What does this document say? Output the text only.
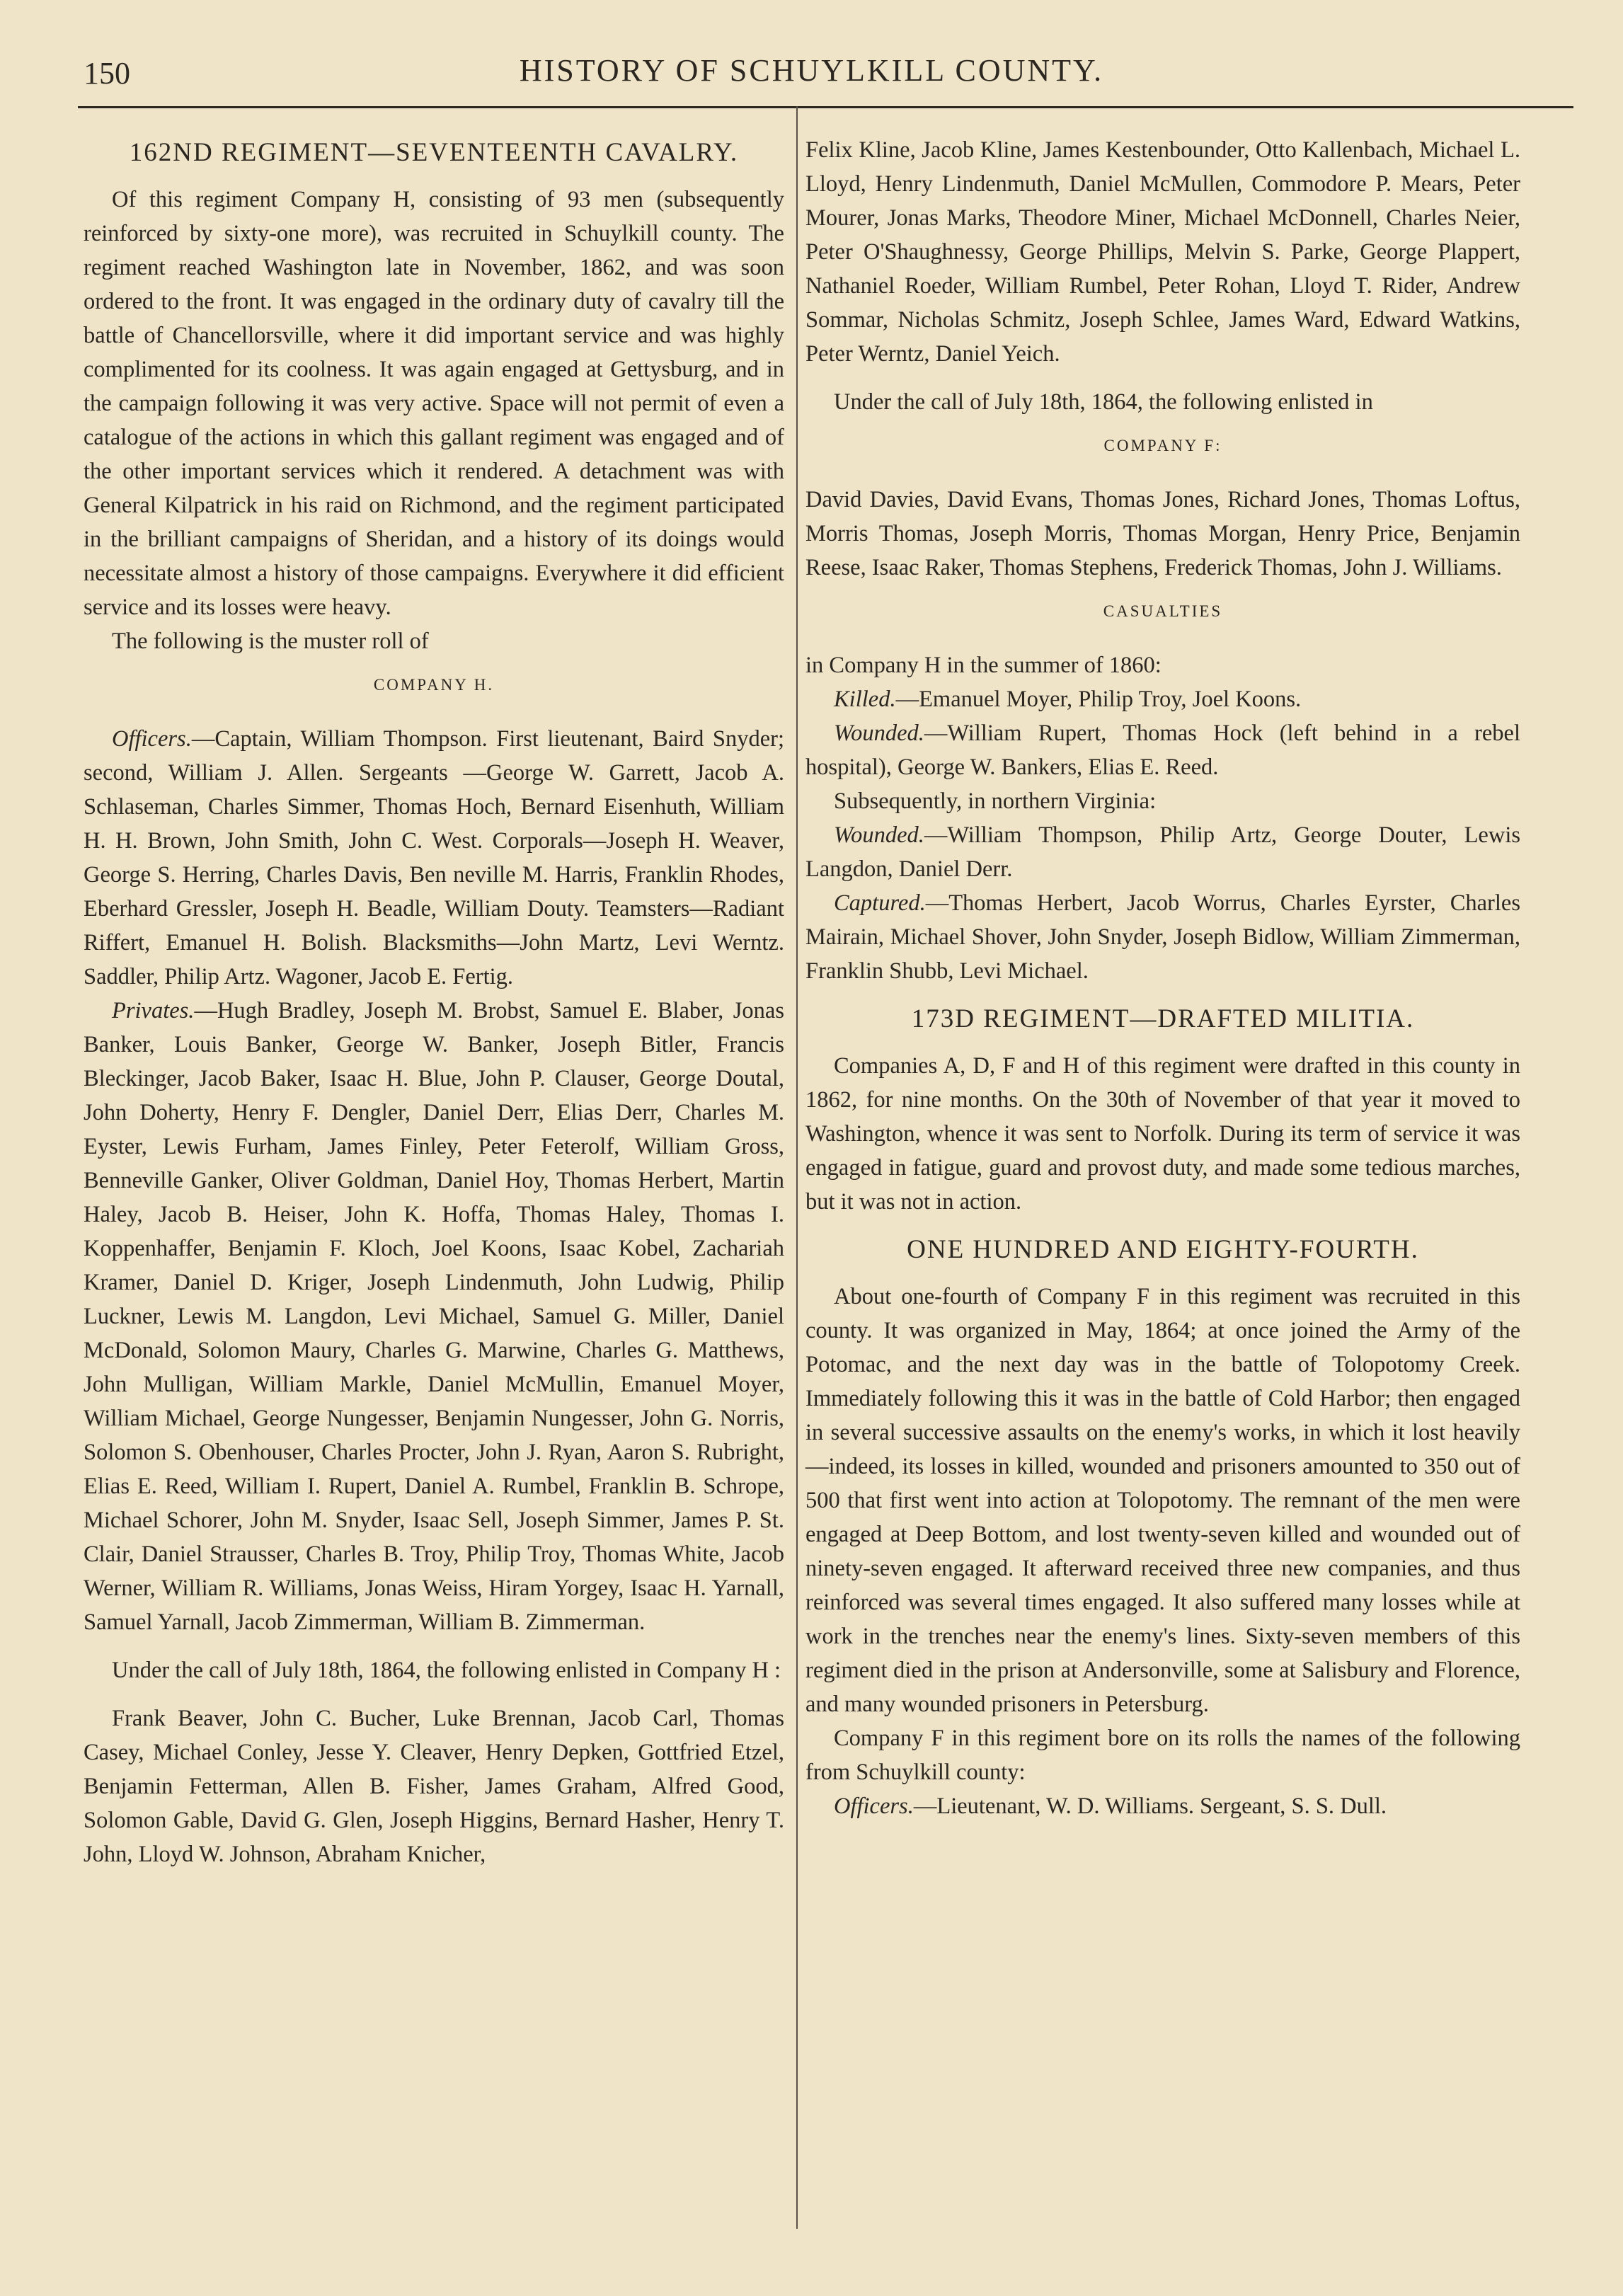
150	HISTORY OF SCHUYLKILL COUNTY.

162ND REGIMENT—SEVENTEENTH CAVALRY.

Of this regiment Company H, consisting of 93 men (subsequently reinforced by sixty-one more), was recruited in Schuylkill county. The regiment reached Washington late in November, 1862, and was soon ordered to the front. It was engaged in the ordinary duty of cavalry till the battle of Chancellorsville, where it did important service and was highly complimented for its coolness. It was again engaged at Gettysburg, and in the campaign following it was very active. Space will not permit of even a catalogue of the actions in which this gallant regiment was engaged and of the other important services which it rendered. A detachment was with General Kilpatrick in his raid on Richmond, and the regiment participated in the brilliant campaigns of Sheridan, and a history of its doings would necessitate almost a history of those campaigns. Everywhere it did efficient service and its losses were heavy.

The following is the muster roll of

COMPANY H.

Officers.—Captain, William Thompson. First lieutenant, Baird Snyder; second, William J. Allen. Sergeants —George W. Garrett, Jacob A. Schlaseman, Charles Simmer, Thomas Hoch, Bernard Eisenhuth, William H. H. Brown, John Smith, John C. West. Corporals—Joseph H. Weaver, George S. Herring, Charles Davis, Ben neville M. Harris, Franklin Rhodes, Eberhard Gressler, Joseph H. Beadle, William Douty. Teamsters—Radiant Riffert, Emanuel H. Bolish. Blacksmiths—John Martz, Levi Werntz. Saddler, Philip Artz. Wagoner, Jacob E. Fertig.

Privates.—Hugh Bradley, Joseph M. Brobst, Samuel E. Blaber, Jonas Banker, Louis Banker, George W. Banker, Joseph Bitler, Francis Bleckinger, Jacob Baker, Isaac H. Blue, John P. Clauser, George Doutal, John Doherty, Henry F. Dengler, Daniel Derr, Elias Derr, Charles M. Eyster, Lewis Furham, James Finley, Peter Feterolf, William Gross, Benneville Ganker, Oliver Goldman, Daniel Hoy, Thomas Herbert, Martin Haley, Jacob B. Heiser, John K. Hoffa, Thomas Haley, Thomas I. Koppenhaffer, Benjamin F. Kloch, Joel Koons, Isaac Kobel, Zachariah Kramer, Daniel D. Kriger, Joseph Lindenmuth, John Ludwig, Philip Luckner, Lewis M. Langdon, Levi Michael, Samuel G. Miller, Daniel McDonald, Solomon Maury, Charles G. Marwine, Charles G. Matthews, John Mulligan, William Markle, Daniel McMullin, Emanuel Moyer, William Michael, George Nungesser, Benjamin Nungesser, John G. Norris, Solomon S. Obenhouser, Charles Procter, John J. Ryan, Aaron S. Rubright, Elias E. Reed, William I. Rupert, Daniel A. Rumbel, Franklin B. Schrope, Michael Schorer, John M. Snyder, Isaac Sell, Joseph Simmer, James P. St. Clair, Daniel Strausser, Charles B. Troy, Philip Troy, Thomas White, Jacob Werner, William R. Williams, Jonas Weiss, Hiram Yorgey, Isaac H. Yarnall, Samuel Yarnall, Jacob Zimmerman, William B. Zimmerman.

Under the call of July 18th, 1864, the following enlisted in Company H :

Frank Beaver, John C. Bucher, Luke Brennan, Jacob Carl, Thomas Casey, Michael Conley, Jesse Y. Cleaver, Henry Depken, Gottfried Etzel, Benjamin Fetterman, Allen B. Fisher, James Graham, Alfred Good, Solomon Gable, David G. Glen, Joseph Higgins, Bernard Hasher, Henry T. John, Lloyd W. Johnson, Abraham Knicher,

Felix Kline, Jacob Kline, James Kestenbounder, Otto Kallenbach, Michael L. Lloyd, Henry Lindenmuth, Daniel McMullen, Commodore P. Mears, Peter Mourer, Jonas Marks, Theodore Miner, Michael McDonnell, Charles Neier, Peter O'Shaughnessy, George Phillips, Melvin S. Parke, George Plappert, Nathaniel Roeder, William Rumbel, Peter Rohan, Lloyd T. Rider, Andrew Sommar, Nicholas Schmitz, Joseph Schlee, James Ward, Edward Watkins, Peter Werntz, Daniel Yeich.

Under the call of July 18th, 1864, the following enlisted in

COMPANY F:

David Davies, David Evans, Thomas Jones, Richard Jones, Thomas Loftus, Morris Thomas, Joseph Morris, Thomas Morgan, Henry Price, Benjamin Reese, Isaac Raker, Thomas Stephens, Frederick Thomas, John J. Williams.

CASUALTIES

in Company H in the summer of 1860:

Killed.—Emanuel Moyer, Philip Troy, Joel Koons.

Wounded.—William Rupert, Thomas Hock (left behind in a rebel hospital), George W. Bankers, Elias E. Reed.

Subsequently, in northern Virginia:

Wounded.—William Thompson, Philip Artz, George Douter, Lewis Langdon, Daniel Derr.

Captured.—Thomas Herbert, Jacob Worrus, Charles Eyrster, Charles Mairain, Michael Shover, John Snyder, Joseph Bidlow, William Zimmerman, Franklin Shubb, Levi Michael.

173D REGIMENT—DRAFTED MILITIA.

Companies A, D, F and H of this regiment were drafted in this county in 1862, for nine months. On the 30th of November of that year it moved to Washington, whence it was sent to Norfolk. During its term of service it was engaged in fatigue, guard and provost duty, and made some tedious marches, but it was not in action.

ONE HUNDRED AND EIGHTY-FOURTH.

About one-fourth of Company F in this regiment was recruited in this county. It was organized in May, 1864; at once joined the Army of the Potomac, and the next day was in the battle of Tolopotomy Creek. Immediately following this it was in the battle of Cold Harbor; then engaged in several successive assaults on the enemy's works, in which it lost heavily—indeed, its losses in killed, wounded and prisoners amounted to 350 out of 500 that first went into action at Tolopotomy. The remnant of the men were engaged at Deep Bottom, and lost twenty-seven killed and wounded out of ninety-seven engaged. It afterward received three new companies, and thus reinforced was several times engaged. It also suffered many losses while at work in the trenches near the enemy's lines. Sixty-seven members of this regiment died in the prison at Andersonville, some at Salisbury and Florence, and many wounded prisoners in Petersburg.

Company F in this regiment bore on its rolls the names of the following from Schuylkill county:

Officers.—Lieutenant, W. D. Williams. Sergeant, S. S. Dull.
